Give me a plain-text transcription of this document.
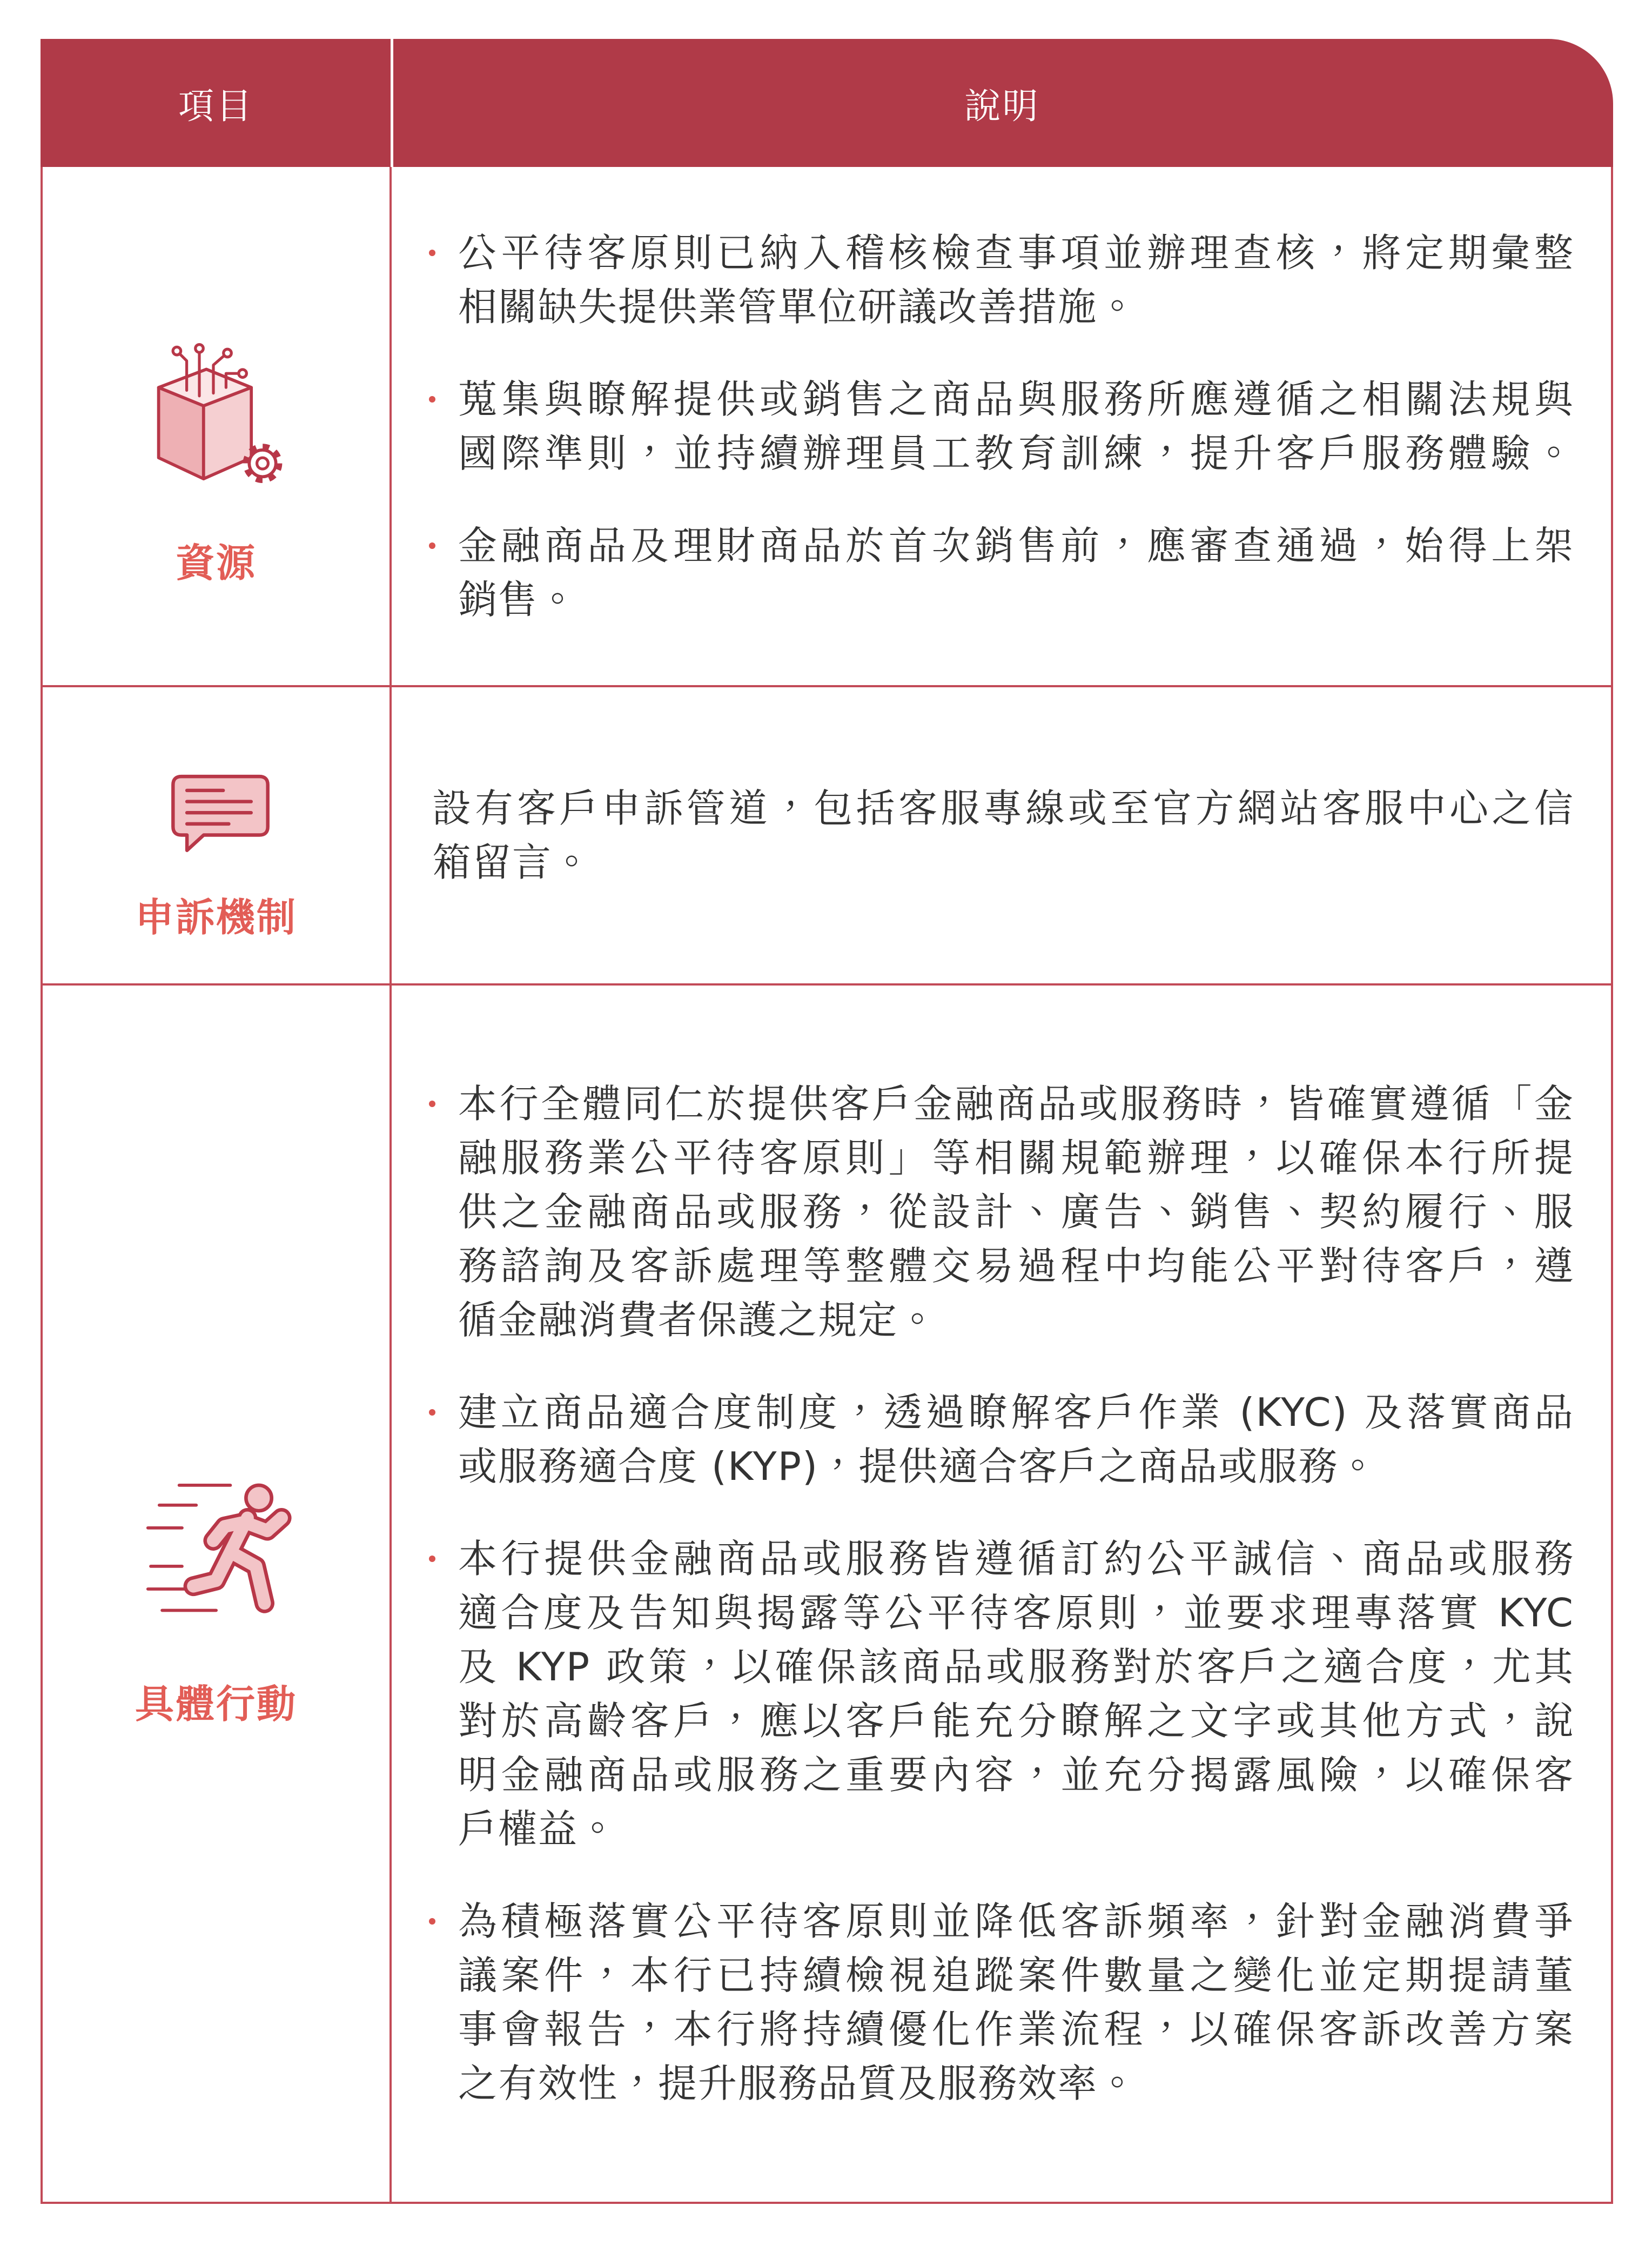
項目	說明
資源
公平待客原則已納入稽核檢查事項並辦理查核，將定期彙整
相關缺失提供業管單位研議改善措施。
蒐集與瞭解提供或銷售之商品與服務所應遵循之相關法規與
國際準則，並持續辦理員工教育訓練，提升客戶服務體驗。
金融商品及理財商品於首次銷售前，應審查通過，始得上架
銷售。
申訴機制
設有客戶申訴管道，包括客服專線或至官方網站客服中心之信
箱留言。
具體行動
本行全體同仁於提供客戶金融商品或服務時，皆確實遵循「金
融服務業公平待客原則」等相關規範辦理，以確保本行所提
供之金融商品或服務，從設計、廣告、銷售、契約履行、服
務諮詢及客訴處理等整體交易過程中均能公平對待客戶，遵
循金融消費者保護之規定。
建立商品適合度制度，透過瞭解客戶作業 (KYC) 及落實商品
或服務適合度 (KYP)，提供適合客戶之商品或服務。
本行提供金融商品或服務皆遵循訂約公平誠信、商品或服務
適合度及告知與揭露等公平待客原則，並要求理專落實 KYC
及 KYP 政策，以確保該商品或服務對於客戶之適合度，尤其
對於高齡客戶，應以客戶能充分瞭解之文字或其他方式，說
明金融商品或服務之重要內容，並充分揭露風險，以確保客
戶權益。
為積極落實公平待客原則並降低客訴頻率，針對金融消費爭
議案件，本行已持續檢視追蹤案件數量之變化並定期提請董
事會報告，本行將持續優化作業流程，以確保客訴改善方案
之有效性，提升服務品質及服務效率。
